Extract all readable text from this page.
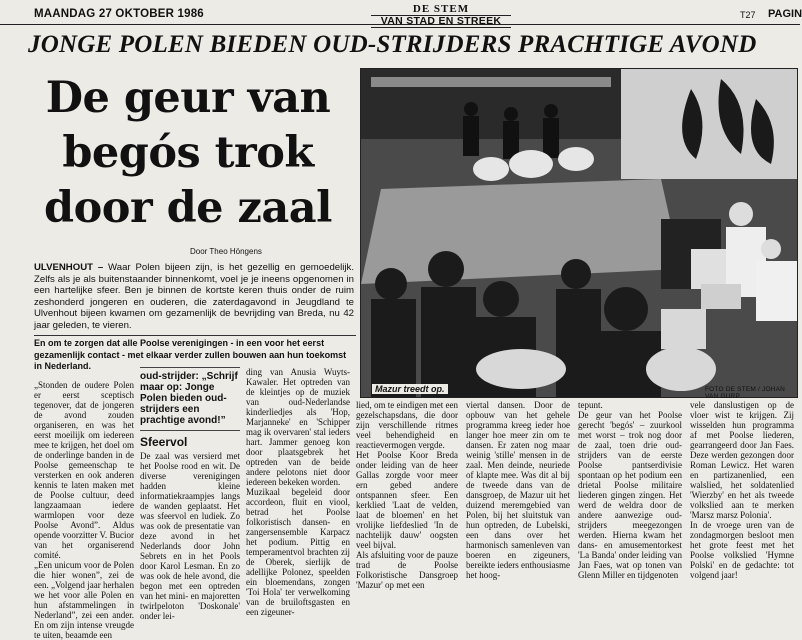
MAANDAG 27 OKTOBER 1986	DE STEM
VAN STAD EN STREEK	T27 PAGIN
JONGE POLEN BIEDEN OUD-STRIJDERS PRACHTIGE AVOND
De geur van
begós trok
door de zaal
Door Theo Höngens
ULVENHOUT – Waar Polen bijeen zijn, is het gezellig en gemoedelijk. Zelfs als je als buitenstaander binnenkomt, voel je je ineens opgenomen in een hartelijke sfeer. Ben je binnen de kortste keren thuis onder de ruim zeshonderd jongeren en ouderen, die zaterdagavond in Jeugdland te Ulvenhout bijeen kwamen om gezamenlijk de bevrijding van Breda, nu 42 jaar geleden, te vieren.
En om te zorgen dat alle Poolse verenigingen - in een voor het eerst gezamenlijk contact - met elkaar verder zullen bouwen aan hun toekomst in Nederland.
Mazur treedt op.	FOTO DE STEM / JOHAN VAN GURP

„Stonden de oudere Polen er eerst sceptisch tegenover, dat de jongeren de avond zouden organiseren, en was het eerst moeilijk om iedereen mee te krijgen, het doel om de onderlinge banden in de Poolse gemeenschap te versterken en ook anderen kennis te laten maken met de Poolse cultuur, deed langzaamaan iedere warmlopen voor deze Poolse Avond”. Aldus opende voorzitter V. Bucior van het organiserend comité.
„Een unicum voor de Polen die hier wonen”, zei de een. „Volgend jaar herhalen we het voor alle Polen en hun afstammelingen in Nederland”, zei een ander. En om zijn intense vreugde te uiten, beaamde een

oud-strijder: „Schrijf maar op: Jonge Polen bieden oud-strijders een prachtige avond!”
Sfeervol

De zaal was versierd met het Poolse rood en wit. De diverse verenigingen hadden kleine informatiekraampjes langs de wanden geplaatst. Het was sfeervol en ludiek. Zo was ook de presentatie van deze avond in het Nederlands door John Sebrets en in het Pools door Karol Lesman. En zo was ook de hele avond, die begon met een optreden van het mini- en majoretten twirlpeloton 'Doskonale' onder lei-

ding van Anusia Wuyts-Kawaler. Het optreden van de kleintjes op de muziek van oud-Nederlandse kinderliedjes als 'Hop, Marjanneke' en 'Schipper mag ik overvaren' stal ieders hart. Jammer genoeg kon door plaatsgebrek het optreden van de beide andere pelotons niet door iedereen bekeken worden.
Muzikaal begeleid door accordeon, fluit en viool, betrad het Poolse folkoristisch dansen- en zangersensemble Karpacz het podium. Pittig en temperamentvol brachten zij de Oberek, sierlijk de adellijke Polonez, speelden ein bloemendans, zongen 'Toi Hola' ter verwelkoming van de bruiloftsgasten en een zigeuner-

lied, om te eindigen met een gezelschapsdans, die door zijn verschillende ritmes veel behendigheid en reactievermogen vergde.
Het Poolse Koor Breda onder leiding van de heer Gallas zorgde voor meer ern gebed andere ontspannen sfeer. Een kerklied 'Laat de velden, laat de bloemen' en het vrolijke liefdeslied 'In de nachtelijk dauw' oogsten veel bijval.
Als afsluiting voor de pauze trad de Poolse Folkoristische Dansgroep 'Mazur' op met een

viertal dansen. Door de opbouw van het gehele programma kreeg ieder hoe langer hoe meer zin om te dansen. Er zaten nog maar weinig 'stille' mensen in de zaal. Men deinde, neuriede of klapte mee. Was dit al bij de tweede dans van de dansgroep, de Mazur uit het duizend meremgebied van Polen, bij het sluitstuk van hun optreden, de Lubelski, een dans over het harmonisch samenleven van boeren en zigeuners, bereikte ieders enthousiasme het hoog-

tepunt.
De geur van het Poolse gerecht 'begós' – zuurkool met worst – trok nog door de zaal, toen drie oud-strijders van de eerste Poolse pantserdivisie spontaan op het podium een drietal Poolse militaire liederen gingen zingen. Het werd de weldra door de andere aanwezige oud-strijders meegezongen werden. Hierna kwam het dans- en amusementorkest 'La Banda' onder leiding van Jan Faes, wat op tonen van Glenn Miller en tijdgenoten

vele danslustigen op de vloer wist te krijgen. Zij wisselden hun programma af met Poolse liederen, gearrangeerd door Jan Faes. Deze werden gezongen door Roman Lewicz. Het waren en partizanenlied, een walslied, het soldatenlied 'Wierzby' en het als tweede volkslied aan te merken 'Marsz marsz Polonia'.
In de vroege uren van de zondagmorgen besloot men het grote feest met het Poolse volkslied 'Hymne Polski' en de gedachte: tot volgend jaar!
